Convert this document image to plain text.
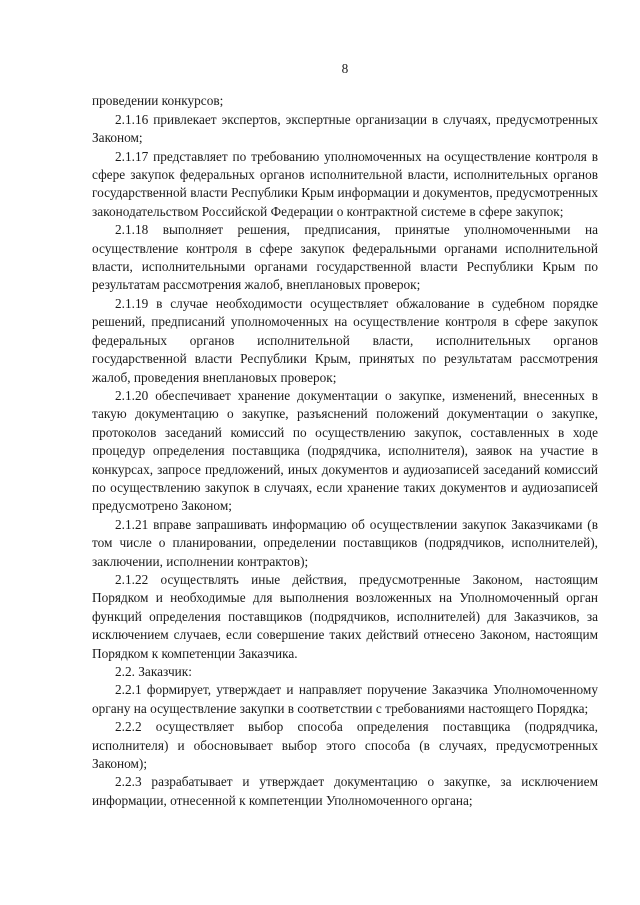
8

проведении конкурсов;

2.1.16 привлекает экспертов, экспертные организации в случаях, предусмотренных Законом;

2.1.17 представляет по требованию уполномоченных на осуществление контроля в сфере закупок федеральных органов исполнительной власти, исполнительных органов государственной власти Республики Крым информации и документов, предусмотренных законодательством Российской Федерации о контрактной системе в сфере закупок;

2.1.18 выполняет решения, предписания, принятые уполномоченными на осуществление контроля в сфере закупок федеральными органами исполнительной власти, исполнительными органами государственной власти Республики Крым по результатам рассмотрения жалоб, внеплановых проверок;

2.1.19 в случае необходимости осуществляет обжалование в судебном порядке решений, предписаний уполномоченных на осуществление контроля в сфере закупок федеральных органов исполнительной власти, исполнительных органов государственной власти Республики Крым, принятых по результатам рассмотрения жалоб, проведения внеплановых проверок;

2.1.20 обеспечивает хранение документации о закупке, изменений, внесенных в такую документацию о закупке, разъяснений положений документации о закупке, протоколов заседаний комиссий по осуществлению закупок, составленных в ходе процедур определения поставщика (подрядчика, исполнителя), заявок на участие в конкурсах, запросе предложений, иных документов и аудиозаписей заседаний комиссий по осуществлению закупок в случаях, если хранение таких документов и аудиозаписей предусмотрено Законом;

2.1.21 вправе запрашивать информацию об осуществлении закупок Заказчиками (в том числе о планировании, определении поставщиков (подрядчиков, исполнителей), заключении, исполнении контрактов);

2.1.22 осуществлять иные действия, предусмотренные Законом, настоящим Порядком и необходимые для выполнения возложенных на Уполномоченный орган функций определения поставщиков (подрядчиков, исполнителей) для Заказчиков, за исключением случаев, если совершение таких действий отнесено Законом, настоящим Порядком к компетенции Заказчика.

2.2. Заказчик:

2.2.1 формирует, утверждает и направляет поручение Заказчика Уполномоченному органу на осуществление закупки в соответствии с требованиями настоящего Порядка;

2.2.2 осуществляет выбор способа определения поставщика (подрядчика, исполнителя) и обосновывает выбор этого способа (в случаях, предусмотренных Законом);

2.2.3 разрабатывает и утверждает документацию о закупке, за исключением информации, отнесенной к компетенции Уполномоченного органа;
